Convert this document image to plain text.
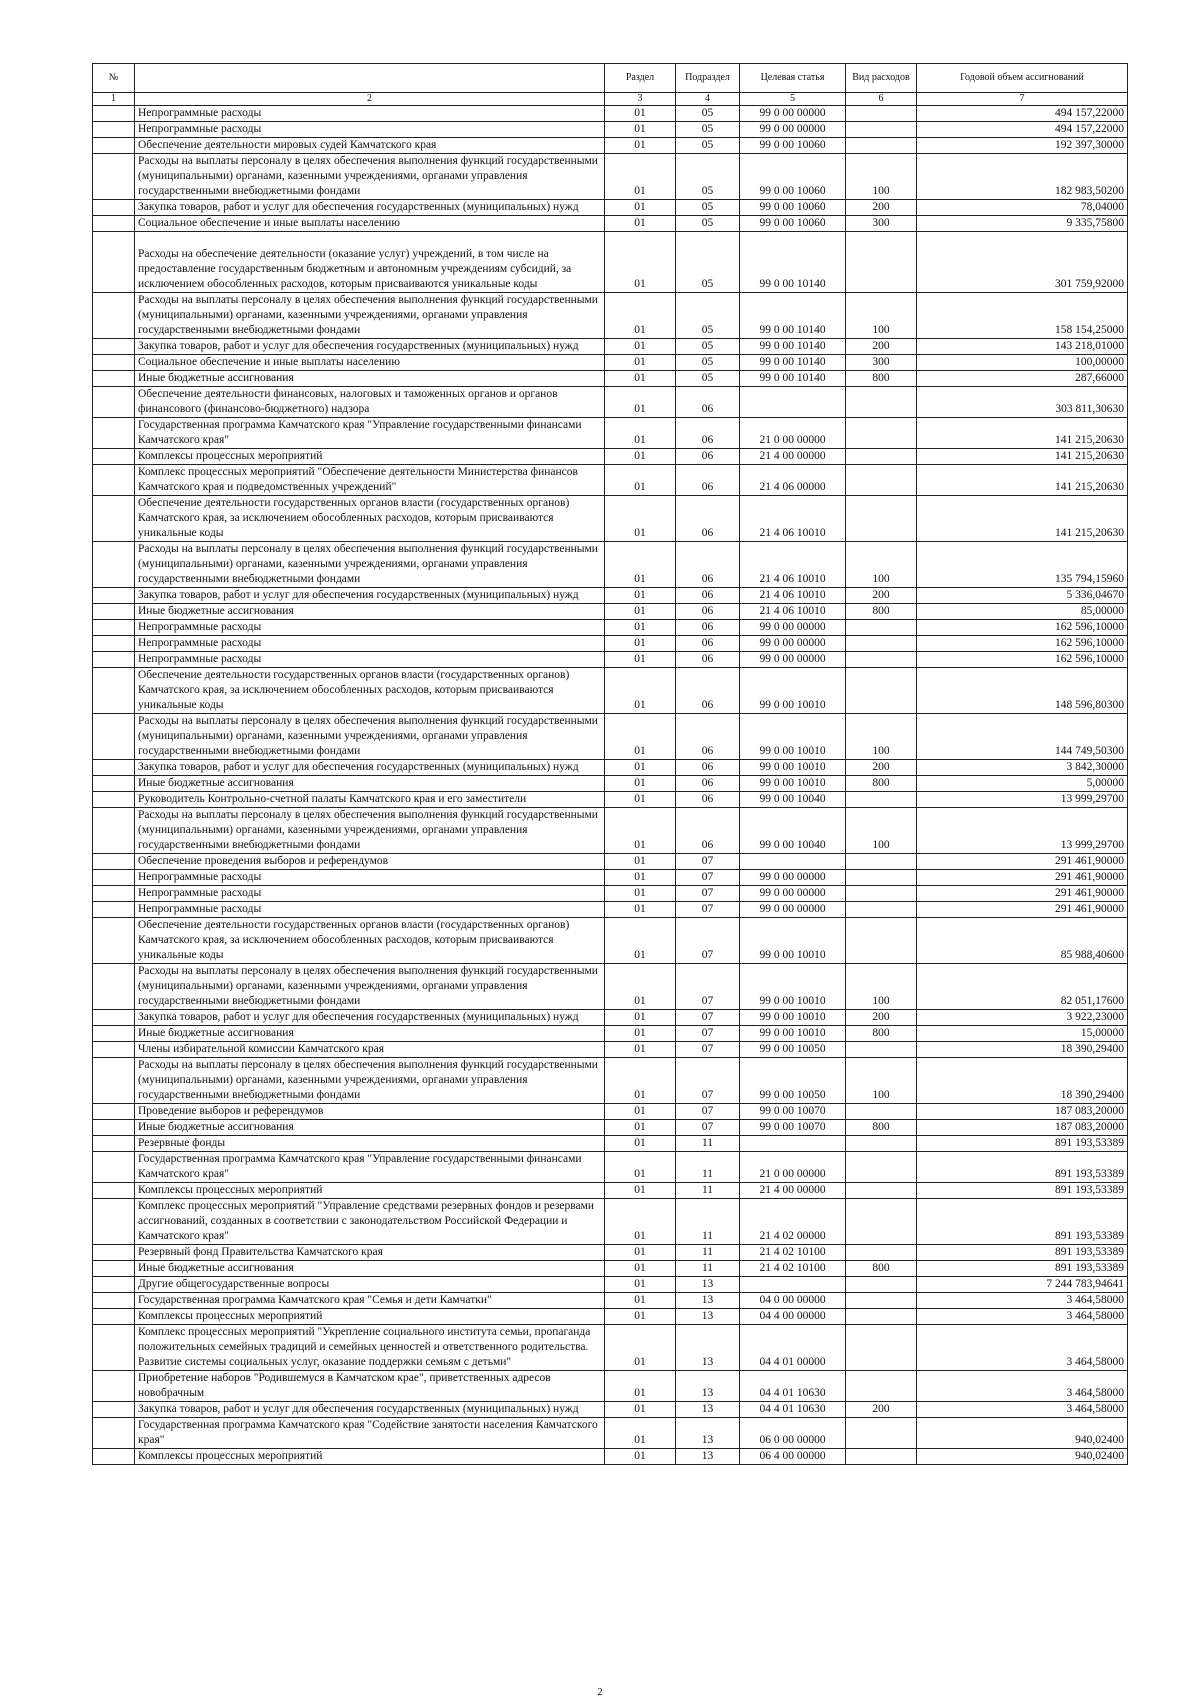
№		Раздел	Подраздел	Целевая статья	Вид расходов	Годовой объем ассигнований
1	2	3	4	5	6	7
	Непрограммные расходы	01	05	99 0 00 00000		494 157,22000
	Непрограммные расходы	01	05	99 0 00 00000		494 157,22000
	Обеспечение деятельности мировых судей Камчатского края	01	05	99 0 00 10060		192 397,30000
	Расходы на выплаты персоналу в целях обеспечения выполнения функций государственными (муниципальными) органами, казенными учреждениями, органами управления государственными внебюджетными фондами	01	05	99 0 00 10060	100	182 983,50200
	Закупка товаров, работ и услуг для обеспечения государственных (муниципальных) нужд	01	05	99 0 00 10060	200	78,04000
	Социальное обеспечение и иные выплаты населению	01	05	99 0 00 10060	300	9 335,75800
	Расходы на обеспечение деятельности (оказание услуг) учреждений, в том числе на предоставление государственным бюджетным и автономным учреждениям субсидий, за исключением обособленных расходов, которым присваиваются уникальные коды	01	05	99 0 00 10140		301 759,92000
	Расходы на выплаты персоналу в целях обеспечения выполнения функций государственными (муниципальными) органами, казенными учреждениями, органами управления государственными внебюджетными фондами	01	05	99 0 00 10140	100	158 154,25000
	Закупка товаров, работ и услуг для обеспечения государственных (муниципальных) нужд	01	05	99 0 00 10140	200	143 218,01000
	Социальное обеспечение и иные выплаты населению	01	05	99 0 00 10140	300	100,00000
	Иные бюджетные ассигнования	01	05	99 0 00 10140	800	287,66000
	Обеспечение деятельности финансовых, налоговых и таможенных органов и органов финансового (финансово-бюджетного) надзора	01	06			303 811,30630
	Государственная программа Камчатского края "Управление государственными финансами Камчатского края"	01	06	21 0 00 00000		141 215,20630
	Комплексы процессных мероприятий	01	06	21 4 00 00000		141 215,20630
	Комплекс процессных мероприятий "Обеспечение деятельности Министерства финансов Камчатского края и подведомственных учреждений"	01	06	21 4 06 00000		141 215,20630
	Обеспечение деятельности государственных органов власти (государственных органов) Камчатского края, за исключением обособленных расходов, которым присваиваются уникальные коды	01	06	21 4 06 10010		141 215,20630
	Расходы на выплаты персоналу в целях обеспечения выполнения функций государственными (муниципальными) органами, казенными учреждениями, органами управления государственными внебюджетными фондами	01	06	21 4 06 10010	100	135 794,15960
	Закупка товаров, работ и услуг для обеспечения государственных (муниципальных) нужд	01	06	21 4 06 10010	200	5 336,04670
	Иные бюджетные ассигнования	01	06	21 4 06 10010	800	85,00000
	Непрограммные расходы	01	06	99 0 00 00000		162 596,10000
	Непрограммные расходы	01	06	99 0 00 00000		162 596,10000
	Непрограммные расходы	01	06	99 0 00 00000		162 596,10000
	Обеспечение деятельности государственных органов власти (государственных органов) Камчатского края, за исключением обособленных расходов, которым присваиваются уникальные коды	01	06	99 0 00 10010		148 596,80300
	Расходы на выплаты персоналу в целях обеспечения выполнения функций государственными (муниципальными) органами, казенными учреждениями, органами управления государственными внебюджетными фондами	01	06	99 0 00 10010	100	144 749,50300
	Закупка товаров, работ и услуг для обеспечения государственных (муниципальных) нужд	01	06	99 0 00 10010	200	3 842,30000
	Иные бюджетные ассигнования	01	06	99 0 00 10010	800	5,00000
	Руководитель Контрольно-счетной палаты Камчатского края и его заместители	01	06	99 0 00 10040		13 999,29700
	Расходы на выплаты персоналу в целях обеспечения выполнения функций государственными (муниципальными) органами, казенными учреждениями, органами управления государственными внебюджетными фондами	01	06	99 0 00 10040	100	13 999,29700
	Обеспечение проведения выборов и референдумов	01	07			291 461,90000
	Непрограммные расходы	01	07	99 0 00 00000		291 461,90000
	Непрограммные расходы	01	07	99 0 00 00000		291 461,90000
	Непрограммные расходы	01	07	99 0 00 00000		291 461,90000
	Обеспечение деятельности государственных органов власти (государственных органов) Камчатского края, за исключением обособленных расходов, которым присваиваются уникальные коды	01	07	99 0 00 10010		85 988,40600
	Расходы на выплаты персоналу в целях обеспечения выполнения функций государственными (муниципальными) органами, казенными учреждениями, органами управления государственными внебюджетными фондами	01	07	99 0 00 10010	100	82 051,17600
	Закупка товаров, работ и услуг для обеспечения государственных (муниципальных) нужд	01	07	99 0 00 10010	200	3 922,23000
	Иные бюджетные ассигнования	01	07	99 0 00 10010	800	15,00000
	Члены избирательной комиссии Камчатского края	01	07	99 0 00 10050		18 390,29400
	Расходы на выплаты персоналу в целях обеспечения выполнения функций государственными (муниципальными) органами, казенными учреждениями, органами управления государственными внебюджетными фондами	01	07	99 0 00 10050	100	18 390,29400
	Проведение выборов и референдумов	01	07	99 0 00 10070		187 083,20000
	Иные бюджетные ассигнования	01	07	99 0 00 10070	800	187 083,20000
	Резервные фонды	01	11			891 193,53389
	Государственная программа Камчатского края "Управление государственными финансами Камчатского края"	01	11	21 0 00 00000		891 193,53389
	Комплексы процессных мероприятий	01	11	21 4 00 00000		891 193,53389
	Комплекс процессных мероприятий "Управление средствами резервных фондов и резервами ассигнований, созданных в соответствии с законодательством Российской Федерации и Камчатского края"	01	11	21 4 02 00000		891 193,53389
	Резервный фонд Правительства Камчатского края	01	11	21 4 02 10100		891 193,53389
	Иные бюджетные ассигнования	01	11	21 4 02 10100	800	891 193,53389
	Другие общегосударственные вопросы	01	13			7 244 783,94641
	Государственная программа Камчатского края "Семья и дети Камчатки"	01	13	04 0 00 00000		3 464,58000
	Комплексы процессных мероприятий	01	13	04 4 00 00000		3 464,58000
	Комплекс процессных мероприятий "Укрепление социального института семьи, пропаганда положительных семейных традиций и семейных ценностей и ответственного родительства. Развитие системы социальных услуг, оказание поддержки семьям с детьми"	01	13	04 4 01 00000		3 464,58000
	Приобретение наборов "Родившемуся в Камчатском крае", приветственных адресов новобрачным	01	13	04 4 01 10630		3 464,58000
	Закупка товаров, работ и услуг для обеспечения государственных (муниципальных) нужд	01	13	04 4 01 10630	200	3 464,58000
	Государственная программа Камчатского края "Содействие занятости населения Камчатского края"	01	13	06 0 00 00000		940,02400
	Комплексы процессных мероприятий	01	13	06 4 00 00000		940,02400
2
